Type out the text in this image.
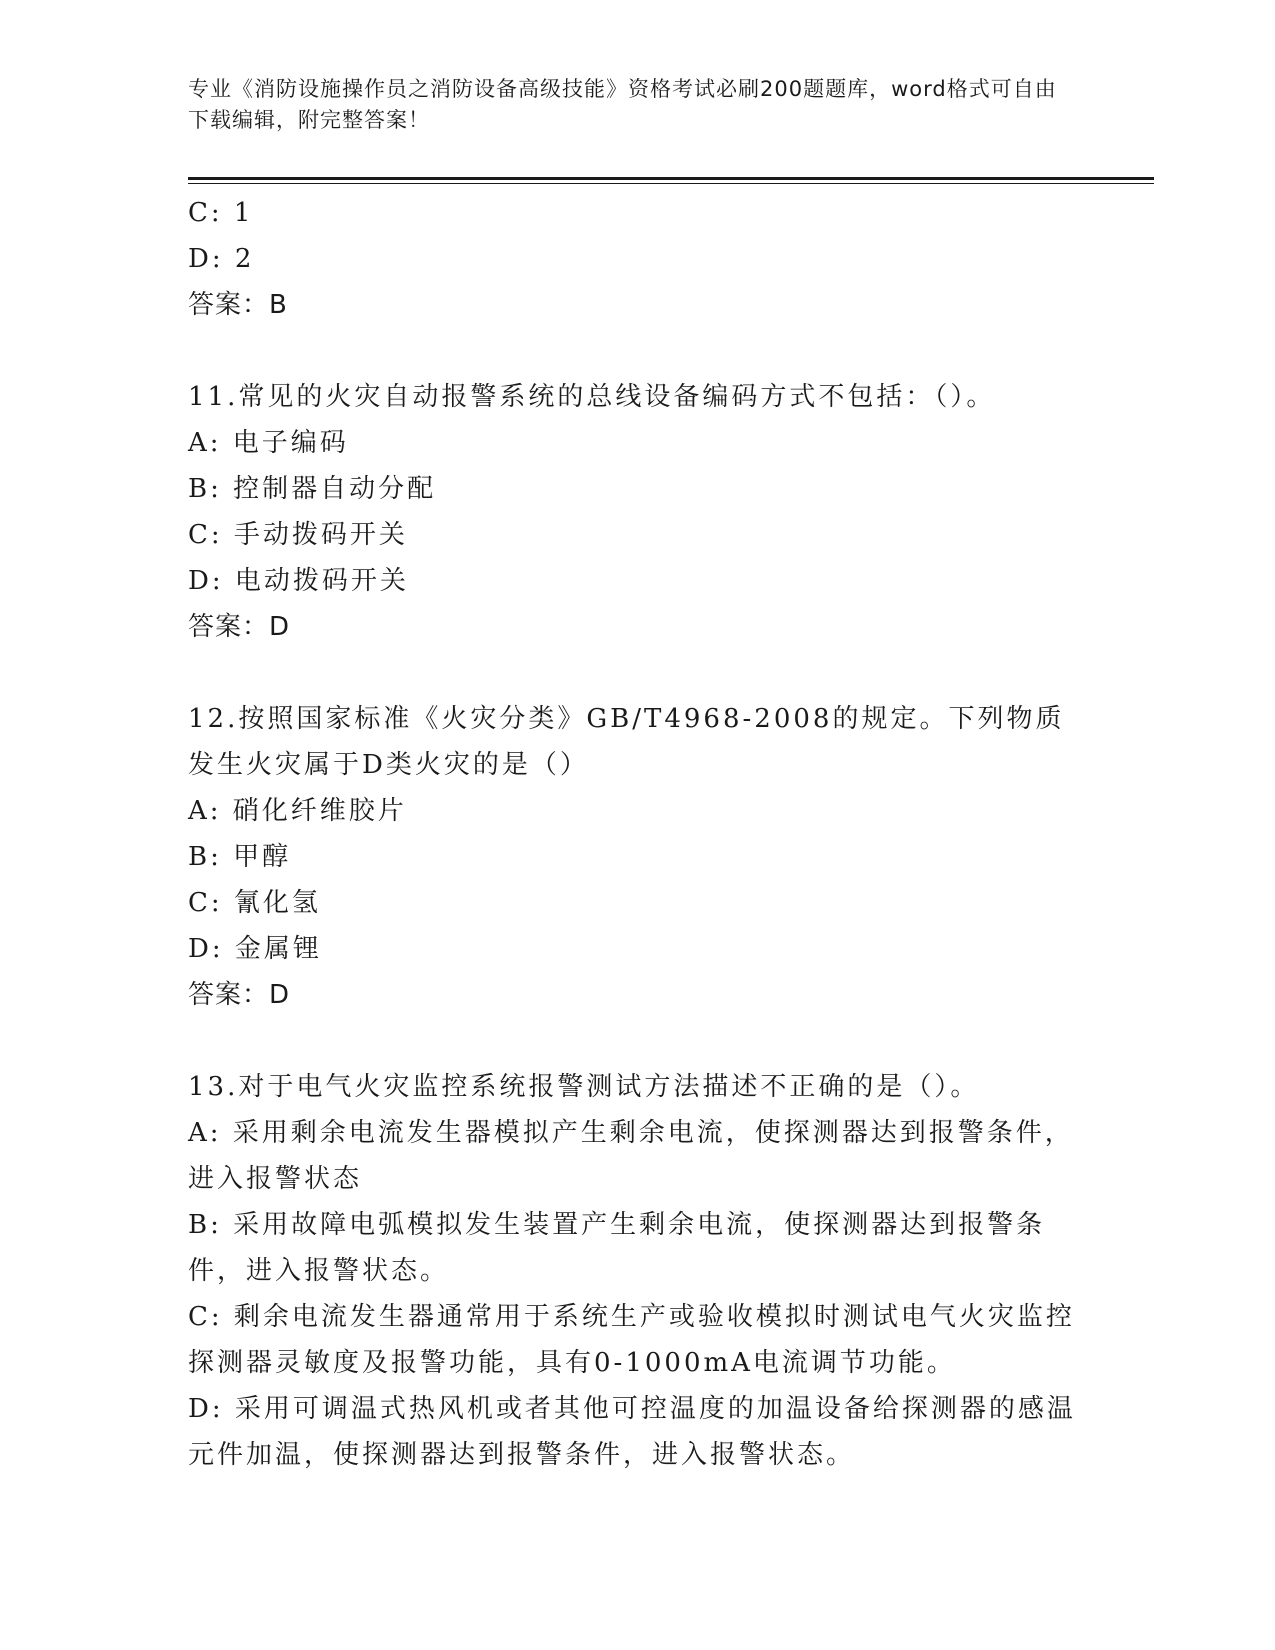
专业《消防设施操作员之消防设备高级技能》资格考试必刷200题题库，word格式可自由下载编辑，附完整答案！

C: 1

D: 2

答案：B

11.常见的火灾自动报警系统的总线设备编码方式不包括：（）。

A: 电子编码

B: 控制器自动分配

C: 手动拨码开关

D: 电动拨码开关

答案：D

12.按照国家标准《火灾分类》GB/T4968-2008的规定。下列物质发生火灾属于D类火灾的是（）

A: 硝化纤维胶片

B: 甲醇

C: 氰化氢

D: 金属锂

答案：D

13.对于电气火灾监控系统报警测试方法描述不正确的是（）。

A: 采用剩余电流发生器模拟产生剩余电流，使探测器达到报警条件，进入报警状态

B: 采用故障电弧模拟发生装置产生剩余电流，使探测器达到报警条件，进入报警状态。

C: 剩余电流发生器通常用于系统生产或验收模拟时测试电气火灾监控探测器灵敏度及报警功能，具有0-1000mA电流调节功能。

D: 采用可调温式热风机或者其他可控温度的加温设备给探测器的感温元件加温，使探测器达到报警条件，进入报警状态。
